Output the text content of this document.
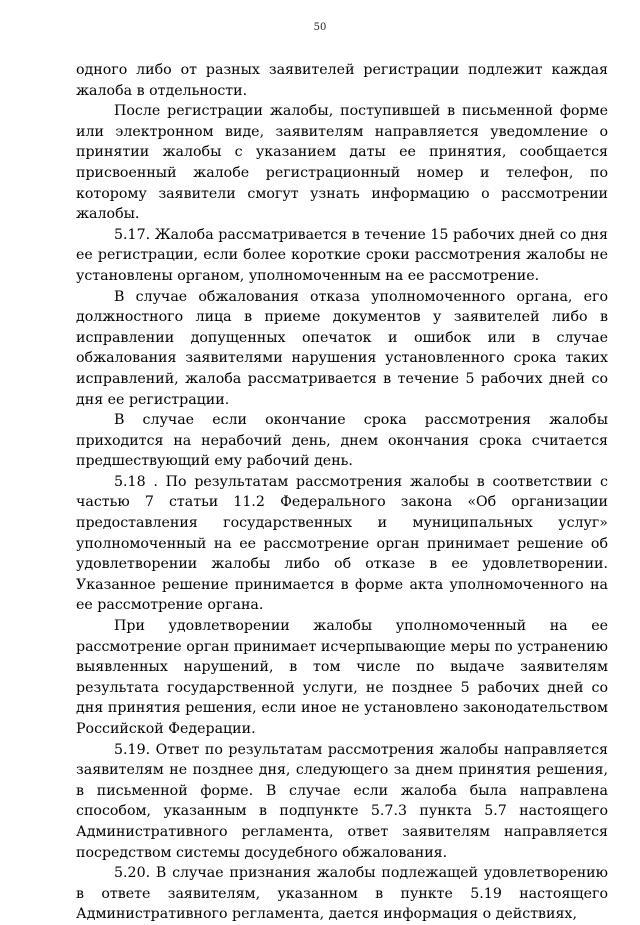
50

одного либо от разных заявителей регистрации подлежит каждая жалоба в отдельности.

После регистрации жалобы, поступившей в письменной форме или электронном виде, заявителям направляется уведомление о принятии жалобы с указанием даты ее принятия, сообщается присвоенный жалобе регистрационный номер и телефон, по которому заявители смогут узнать информацию о рассмотрении жалобы.

5.17. Жалоба рассматривается в течение 15 рабочих дней со дня ее регистрации, если более короткие сроки рассмотрения жалобы не установлены органом, уполномоченным на ее рассмотрение.

В случае обжалования отказа уполномоченного органа, его должностного лица в приеме документов у заявителей либо в исправлении допущенных опечаток и ошибок или в случае обжалования заявителями нарушения установленного срока таких исправлений, жалоба рассматривается в течение 5 рабочих дней со дня ее регистрации.

В случае если окончание срока рассмотрения жалобы приходится на нерабочий день, днем окончания срока считается предшествующий ему рабочий день.

5.18 . По результатам рассмотрения жалобы в соответствии с частью 7 статьи 11.2 Федерального закона «Об организации предоставления государственных и муниципальных услуг» уполномоченный на ее рассмотрение орган принимает решение об удовлетворении жалобы либо об отказе в ее удовлетворении. Указанное решение принимается в форме акта уполномоченного на ее рассмотрение органа.

При удовлетворении жалобы уполномоченный на ее рассмотрение орган принимает исчерпывающие меры по устранению выявленных нарушений, в том числе по выдаче заявителям результата государственной услуги, не позднее 5 рабочих дней со дня принятия решения, если иное не установлено законодательством Российской Федерации.

5.19. Ответ по результатам рассмотрения жалобы направляется заявителям не позднее дня, следующего за днем принятия решения, в письменной форме. В случае если жалоба была направлена способом, указанным в подпункте 5.7.3 пункта 5.7 настоящего Административного регламента, ответ заявителям направляется посредством системы досудебного обжалования.

5.20. В случае признания жалобы подлежащей удовлетворению в ответе заявителям, указанном в пункте 5.19 настоящего Административного регламента, дается информация о действиях,
